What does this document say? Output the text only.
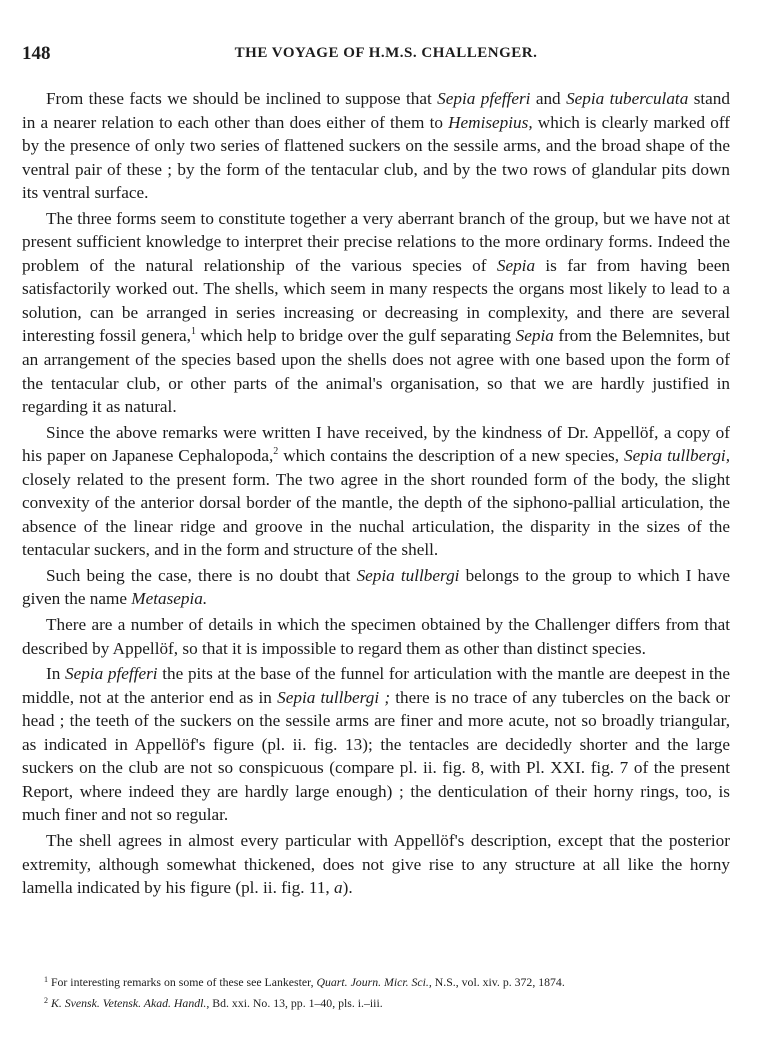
148	THE VOYAGE OF H.M.S. CHALLENGER.

From these facts we should be inclined to suppose that Sepia pfefferi and Sepia tuberculata stand in a nearer relation to each other than does either of them to Hemisepius, which is clearly marked off by the presence of only two series of flattened suckers on the sessile arms, and the broad shape of the ventral pair of these ; by the form of the tentacular club, and by the two rows of glandular pits down its ventral surface.

The three forms seem to constitute together a very aberrant branch of the group, but we have not at present sufficient knowledge to interpret their precise relations to the more ordinary forms. Indeed the problem of the natural relationship of the various species of Sepia is far from having been satisfactorily worked out. The shells, which seem in many respects the organs most likely to lead to a solution, can be arranged in series increasing or decreasing in complexity, and there are several interesting fossil genera,$^1$ which help to bridge over the gulf separating Sepia from the Belemnites, but an arrangement of the species based upon the shells does not agree with one based upon the form of the tentacular club, or other parts of the animal's organisation, so that we are hardly justified in regarding it as natural.

Since the above remarks were written I have received, by the kindness of Dr. Appellöf, a copy of his paper on Japanese Cephalopoda,$^2$ which contains the description of a new species, Sepia tullbergi, closely related to the present form. The two agree in the short rounded form of the body, the slight convexity of the anterior dorsal border of the mantle, the depth of the siphono-pallial articulation, the absence of the linear ridge and groove in the nuchal articulation, the disparity in the sizes of the tentacular suckers, and in the form and structure of the shell.

Such being the case, there is no doubt that Sepia tullbergi belongs to the group to which I have given the name Metasepia.

There are a number of details in which the specimen obtained by the Challenger differs from that described by Appellöf, so that it is impossible to regard them as other than distinct species.

In Sepia pfefferi the pits at the base of the funnel for articulation with the mantle are deepest in the middle, not at the anterior end as in Sepia tullbergi ; there is no trace of any tubercles on the back or head ; the teeth of the suckers on the sessile arms are finer and more acute, not so broadly triangular, as indicated in Appellöf's figure (pl. ii. fig. 13); the tentacles are decidedly shorter and the large suckers on the club are not so conspicuous (compare pl. ii. fig. 8, with Pl. XXI. fig. 7 of the present Report, where indeed they are hardly large enough) ; the denticulation of their horny rings, too, is much finer and not so regular.

The shell agrees in almost every particular with Appellöf's description, except that the posterior extremity, although somewhat thickened, does not give rise to any structure at all like the horny lamella indicated by his figure (pl. ii. fig. 11, a).

$^1$ For interesting remarks on some of these see Lankester, Quart. Journ. Micr. Sci., N.S., vol. xiv. p. 372, 1874.
$^2$ K. Svensk. Vetensk. Akad. Handl., Bd. xxi. No. 13, pp. 1–40, pls. i.–iii.
